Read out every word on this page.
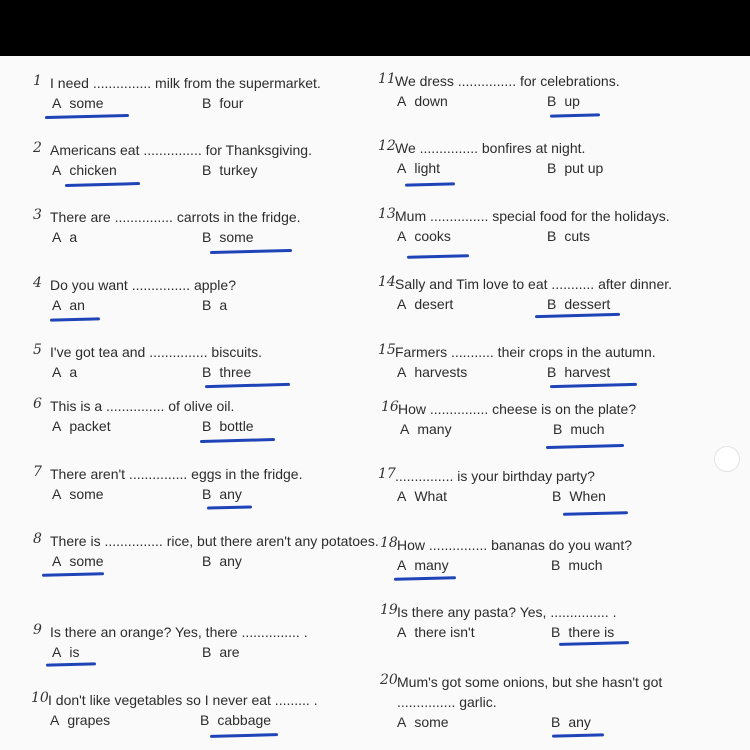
1 I need ............... milk from the supermarket.
A some	B four
2 Americans eat ............... for Thanksgiving.
A chicken	B turkey
3 There are ............... carrots in the fridge.
A a	B some
4 Do you want ............... apple?
A an	B a
5 I've got tea and ............... biscuits.
A a	B three
6 This is a ............... of olive oil.
A packet	B bottle
7 There aren't ............... eggs in the fridge.
A some	B any
8 There is ............... rice, but there aren't any potatoes.
A some	B any
9 Is there an orange? Yes, there ............... .
A is	B are
10 I don't like vegetables so I never eat ......... .
A grapes	B cabbage
11 We dress ............... for celebrations.
A down	B up
12 We ............... bonfires at night.
A light	B put up
13 Mum ............... special food for the holidays.
A cooks	B cuts
14 Sally and Tim love to eat ........... after dinner.
A desert	B dessert
15 Farmers ........... their crops in the autumn.
A harvests	B harvest
16 How ............... cheese is on the plate?
A many	B much
17 ............... is your birthday party?
A What	B When
18 How ............... bananas do you want?
A many	B much
19 Is there any pasta? Yes, ............... .
A there isn't	B there is
20 Mum's got some onions, but she hasn't got ............... garlic.
A some	B any
